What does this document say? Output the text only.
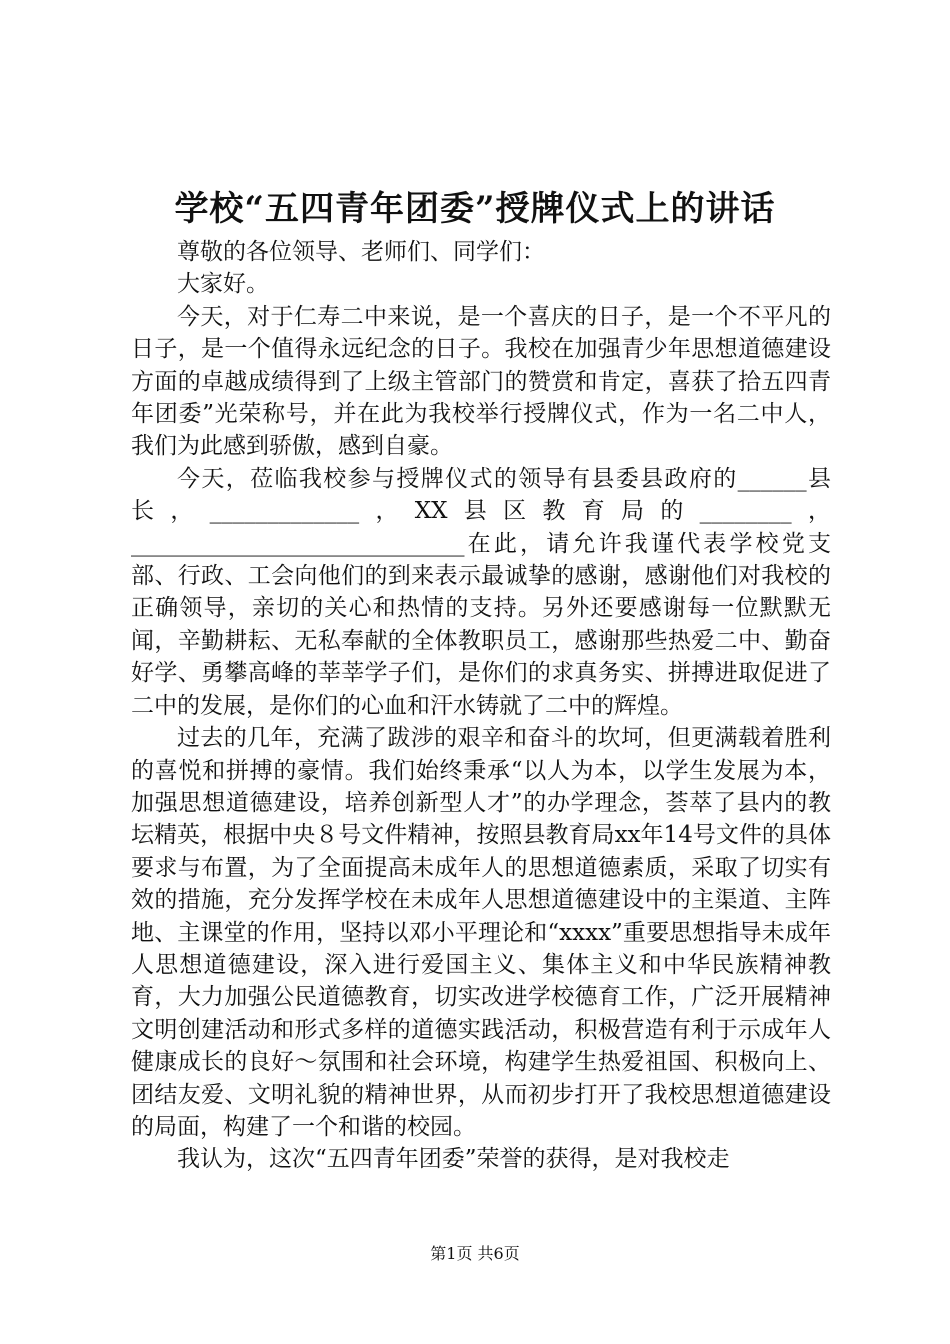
学校“五四青年团委”授牌仪式上的讲话

尊敬的各位领导、老师们、同学们：

大家好。

今天，对于仁寿二中来说，是一个喜庆的日子，是一个不平凡的日子，是一个值得永远纪念的日子。我校在加强青少年思想道德建设方面的卓越成绩得到了上级主管部门的赞赏和肯定，喜获了拾五四青年团委”光荣称号，并在此为我校举行授牌仪式，作为一名二中人，我们为此感到骄傲，感到自豪。

今天，莅临我校参与授牌仪式的领导有县委县政府的______县长，_____________，XX县区教育局的________，_____________________________在此，请允许我谨代表学校党支部、行政、工会向他们的到来表示最诚挚的感谢，感谢他们对我校的正确领导，亲切的关心和热情的支持。另外还要感谢每一位默默无闻，辛勤耕耘、无私奉献的全体教职员工，感谢那些热爱二中、勤奋好学、勇攀高峰的莘莘学子们，是你们的求真务实、拼搏进取促进了二中的发展，是你们的心血和汗水铸就了二中的辉煌。

过去的几年，充满了跋涉的艰辛和奋斗的坎坷，但更满载着胜利的喜悦和拼搏的豪情。我们始终秉承“以人为本，以学生发展为本，加强思想道德建设，培养创新型人才”的办学理念，荟萃了县内的教坛精英，根据中央８号文件精神，按照县教育局xx年14号文件的具体要求与布置，为了全面提高未成年人的思想道德素质，采取了切实有效的措施，充分发挥学校在未成年人思想道德建设中的主渠道、主阵地、主课堂的作用，坚持以邓小平理论和“xxxx”重要思想指导未成年人思想道德建设，深入进行爱国主义、集体主义和中华民族精神教育，大力加强公民道德教育，切实改进学校德育工作，广泛开展精神文明创建活动和形式多样的道德实践活动，积极营造有利于示成年人健康成长的良好～氛围和社会环境，构建学生热爱祖国、积极向上、团结友爱、文明礼貌的精神世界，从而初步打开了我校思想道德建设的局面，构建了一个和谐的校园。

我认为，这次“五四青年团委”荣誉的获得，是对我校走

第1页 共6页
